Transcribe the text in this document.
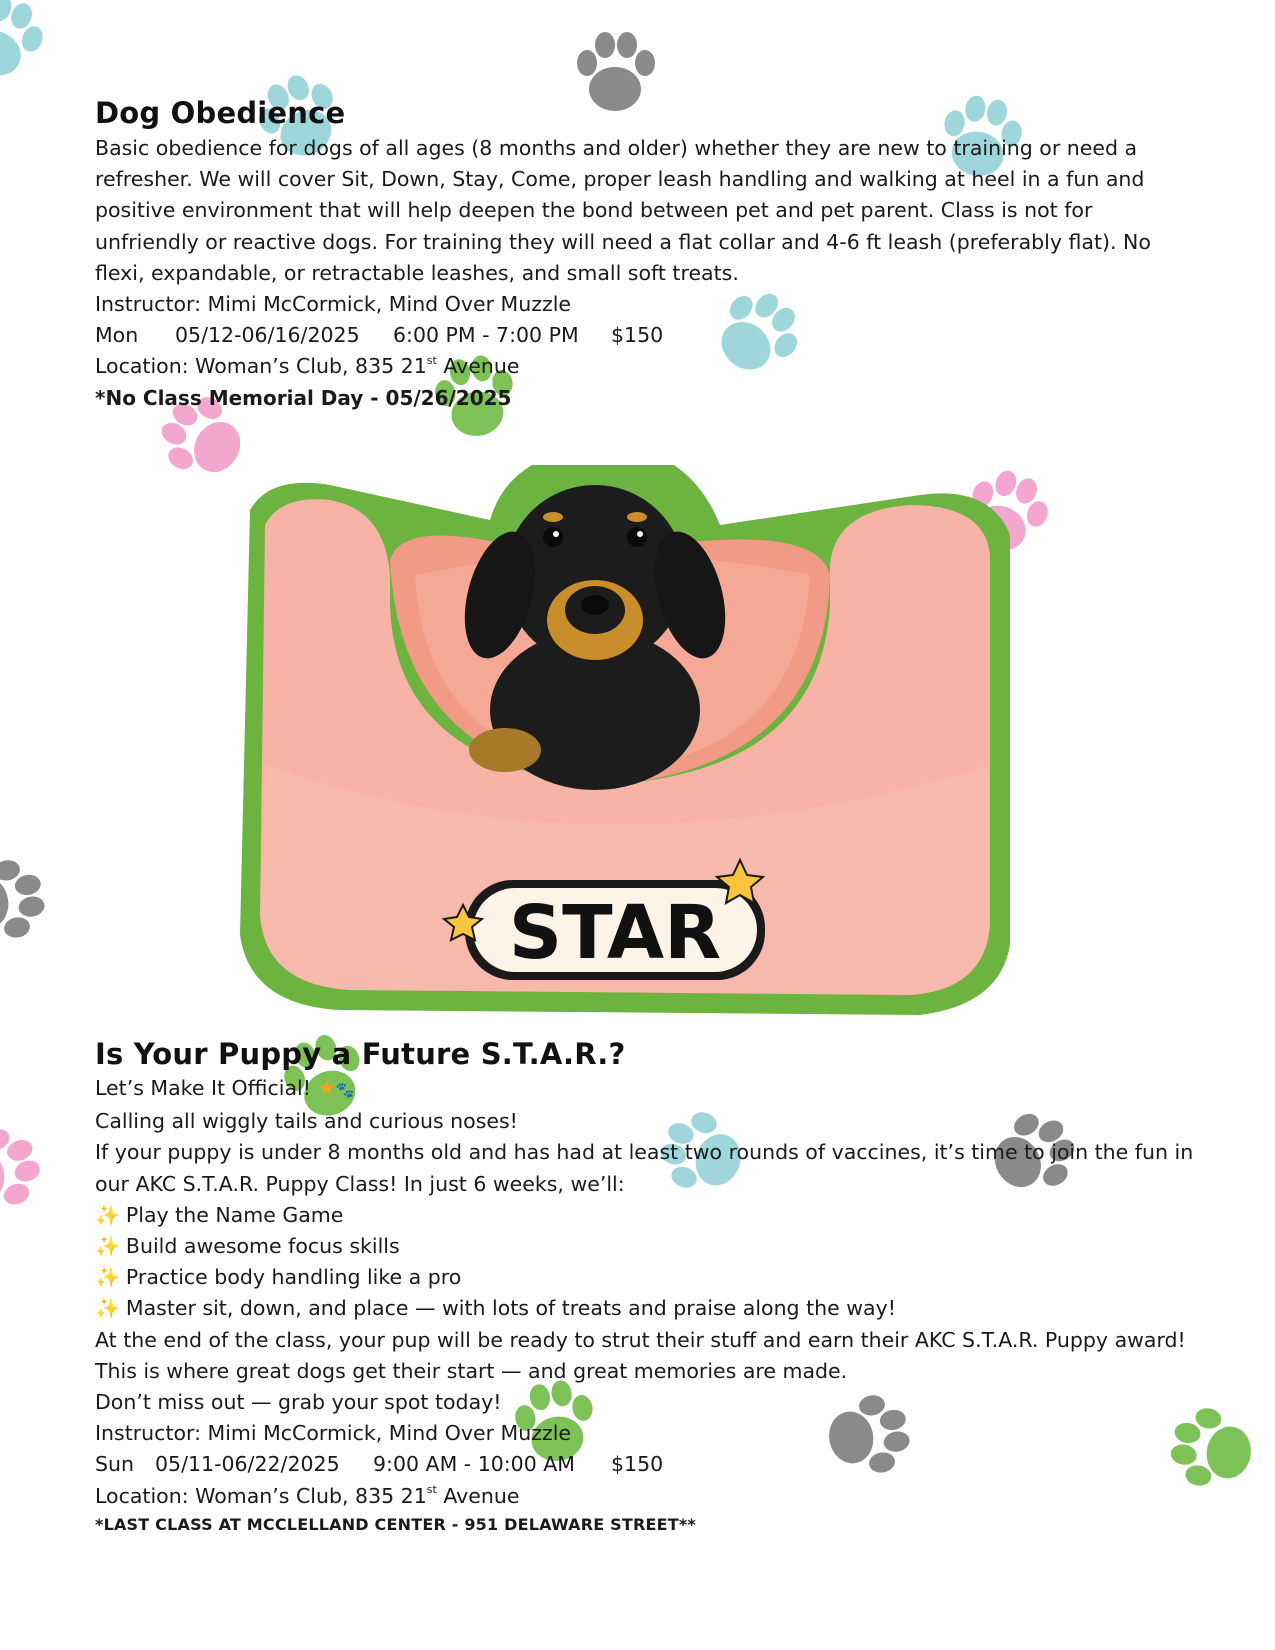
Dog Obedience
Basic obedience for dogs of all ages (8 months and older) whether they are new to training or need a
refresher. We will cover Sit, Down, Stay, Come, proper leash handling and walking at heel in a fun and
positive environment that will help deepen the bond between pet and pet parent. Class is not for
unfriendly or reactive dogs. For training they will need a flat collar and 4-6 ft leash (preferably flat). No
flexi, expandable, or retractable leashes, and small soft treats.
Instructor: Mimi McCormick, Mind Over Muzzle
Mon 05/12-06/16/2025 6:00 PM - 7:00 PM $150
Location: Woman’s Club, 835 21st Avenue
*No Class Memorial Day - 05/26/2025
STAR
Is Your Puppy a Future S.T.A.R.?
Let’s Make It Official! ★🐾
Calling all wiggly tails and curious noses!
If your puppy is under 8 months old and has had at least two rounds of vaccines, it’s time to join the fun in
our AKC S.T.A.R. Puppy Class! In just 6 weeks, we’ll:
✨ Play the Name Game
✨ Build awesome focus skills
✨ Practice body handling like a pro
✨ Master sit, down, and place — with lots of treats and praise along the way!
At the end of the class, your pup will be ready to strut their stuff and earn their AKC S.T.A.R. Puppy award!
This is where great dogs get their start — and great memories are made.
Don’t miss out — grab your spot today!
Instructor: Mimi McCormick, Mind Over Muzzle
Sun 05/11-06/22/2025 9:00 AM - 10:00 AM $150
Location: Woman’s Club, 835 21st Avenue
*LAST CLASS AT MCCLELLAND CENTER - 951 DELAWARE STREET**
